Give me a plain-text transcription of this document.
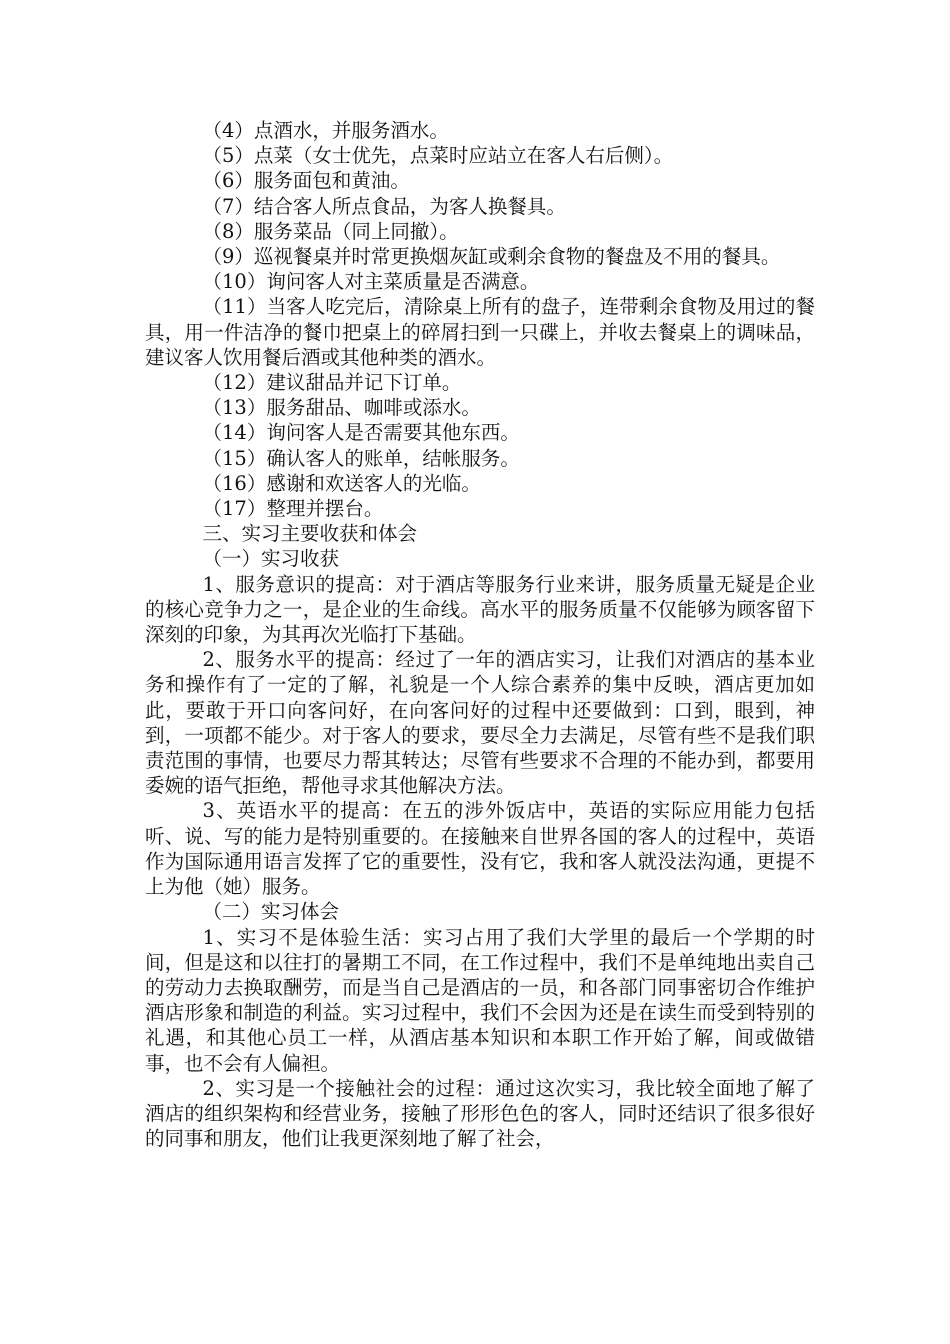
（4）点酒水，并服务酒水。

（5）点菜（女士优先，点菜时应站立在客人右后侧）。

（6）服务面包和黄油。

（7）结合客人所点食品，为客人换餐具。

（8）服务菜品（同上同撤）。

（9）巡视餐桌并时常更换烟灰缸或剩余食物的餐盘及不用的餐具。

（10）询问客人对主菜质量是否满意。

（11）当客人吃完后，清除桌上所有的盘子，连带剩余食物及用过的餐具，用一件洁净的餐巾把桌上的碎屑扫到一只碟上，并收去餐桌上的调味品，建议客人饮用餐后酒或其他种类的酒水。

（12）建议甜品并记下订单。

（13）服务甜品、咖啡或添水。

（14）询问客人是否需要其他东西。

（15）确认客人的账单，结帐服务。

（16）感谢和欢送客人的光临。

（17）整理并摆台。

三、实习主要收获和体会

（一）实习收获

1、服务意识的提高：对于酒店等服务行业来讲，服务质量无疑是企业的核心竞争力之一，是企业的生命线。高水平的服务质量不仅能够为顾客留下深刻的印象，为其再次光临打下基础。

2、服务水平的提高：经过了一年的酒店实习，让我们对酒店的基本业务和操作有了一定的了解，礼貌是一个人综合素养的集中反映，酒店更加如此，要敢于开口向客问好，在向客问好的过程中还要做到：口到，眼到，神到，一项都不能少。对于客人的要求，要尽全力去满足，尽管有些不是我们职责范围的事情，也要尽力帮其转达；尽管有些要求不合理的不能办到，都要用委婉的语气拒绝，帮他寻求其他解决方法。

3、英语水平的提高：在五的涉外饭店中，英语的实际应用能力包括听、说、写的能力是特别重要的。在接触来自世界各国的客人的过程中，英语作为国际通用语言发挥了它的重要性，没有它，我和客人就没法沟通，更提不上为他（她）服务。

（二）实习体会

1、实习不是体验生活：实习占用了我们大学里的最后一个学期的时间，但是这和以往打的暑期工不同，在工作过程中，我们不是单纯地出卖自己的劳动力去换取酬劳，而是当自己是酒店的一员，和各部门同事密切合作维护酒店形象和制造的利益。实习过程中，我们不会因为还是在读生而受到特别的礼遇，和其他心员工一样，从酒店基本知识和本职工作开始了解，间或做错事，也不会有人偏袒。

2、实习是一个接触社会的过程：通过这次实习，我比较全面地了解了酒店的组织架构和经营业务，接触了形形色色的客人，同时还结识了很多很好的同事和朋友，他们让我更深刻地了解了社会，
